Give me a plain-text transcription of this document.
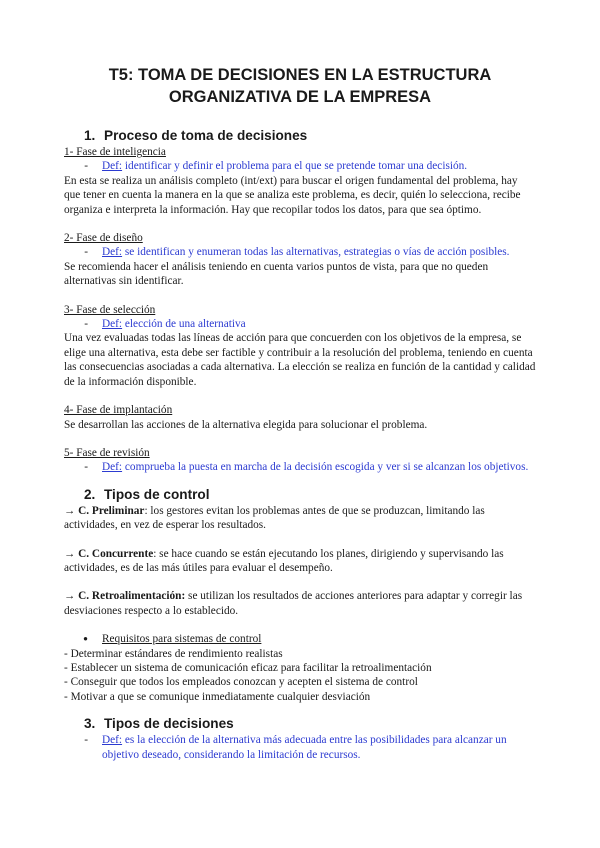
T5: TOMA DE DECISIONES EN LA ESTRUCTURA
ORGANIZATIVA DE LA EMPRESA
1. Proceso de toma de decisiones
1- Fase de inteligencia
-	Def: identificar y definir el problema para el que se pretende tomar una decisión.

En esta se realiza un análisis completo (int/ext) para buscar el origen fundamental del problema, hay que tener en cuenta la manera en la que se analiza este problema, es decir, quién lo selecciona, recibe organiza e interpreta la información. Hay que recopilar todos los datos, para que sea óptimo.

2- Fase de diseño
-	Def: se identifican y enumeran todas las alternativas, estrategias o vías de acción posibles.

Se recomienda hacer el análisis teniendo en cuenta varios puntos de vista, para que no queden alternativas sin identificar.

3- Fase de selección
-	Def: elección de una alternativa

Una vez evaluadas todas las líneas de acción para que concuerden con los objetivos de la empresa, se elige una alternativa, esta debe ser factible y contribuir a la resolución del problema, teniendo en cuenta las consecuencias asociadas a cada alternativa. La elección se realiza en función de la cantidad y calidad de la información disponible.

4- Fase de implantación

Se desarrollan las acciones de la alternativa elegida para solucionar el problema.

5- Fase de revisión
-	Def: comprueba la puesta en marcha de la decisión escogida y ver si se alcanzan los objetivos.
2. Tipos de control

→ C. Preliminar: los gestores evitan los problemas antes de que se produzcan, limitando las actividades, en vez de esperar los resultados.

→ C. Concurrente: se hace cuando se están ejecutando los planes, dirigiendo y supervisando las actividades, es de las más útiles para evaluar el desempeño.

→ C. Retroalimentación: se utilizan los resultados de acciones anteriores para adaptar y corregir las desviaciones respecto a lo establecido.

●	Requisitos para sistemas de control
- Determinar estándares de rendimiento realistas
- Establecer un sistema de comunicación eficaz para facilitar la retroalimentación
- Conseguir que todos los empleados conozcan y acepten el sistema de control
- Motivar a que se comunique inmediatamente cualquier desviación
3. Tipos de decisiones
-	Def: es la elección de la alternativa más adecuada entre las posibilidades para alcanzar un objetivo deseado, considerando la limitación de recursos.
